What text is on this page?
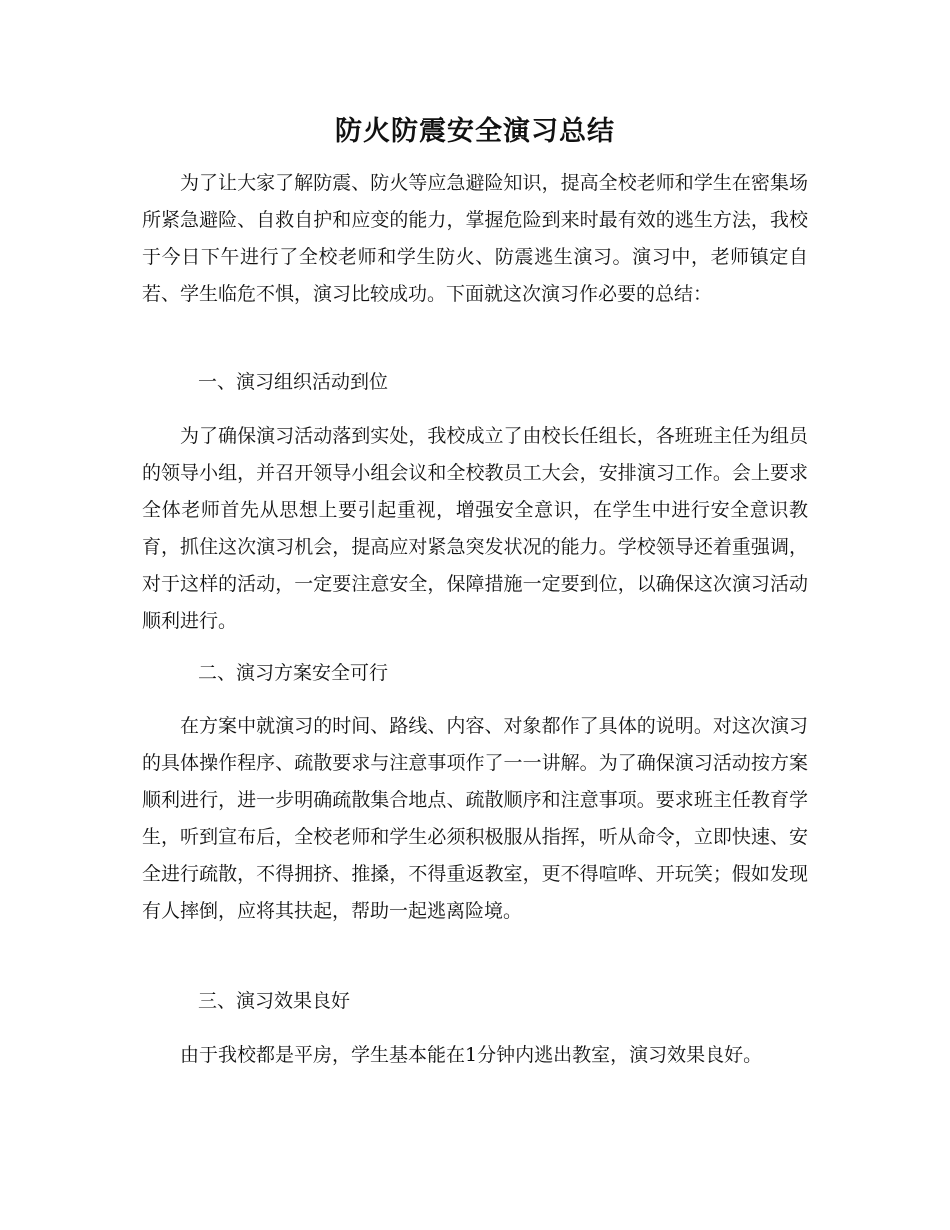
防火防震安全演习总结

为了让大家了解防震、防火等应急避险知识，提高全校老师和学生在密集场所紧急避险、自救自护和应变的能力，掌握危险到来时最有效的逃生方法，我校于今日下午进行了全校老师和学生防火、防震逃生演习。演习中，老师镇定自若、学生临危不惧，演习比较成功。下面就这次演习作必要的总结：

一、演习组织活动到位

为了确保演习活动落到实处，我校成立了由校长任组长，各班班主任为组员的领导小组，并召开领导小组会议和全校教员工大会，安排演习工作。会上要求全体老师首先从思想上要引起重视，增强安全意识，在学生中进行安全意识教育，抓住这次演习机会，提高应对紧急突发状况的能力。学校领导还着重强调，对于这样的活动，一定要注意安全，保障措施一定要到位，以确保这次演习活动顺利进行。

二、演习方案安全可行

在方案中就演习的时间、路线、内容、对象都作了具体的说明。对这次演习的具体操作程序、疏散要求与注意事项作了一一讲解。为了确保演习活动按方案顺利进行，进一步明确疏散集合地点、疏散顺序和注意事项。要求班主任教育学生，听到宣布后，全校老师和学生必须积极服从指挥，听从命令，立即快速、安全进行疏散，不得拥挤、推搡，不得重返教室，更不得喧哗、开玩笑；假如发现有人摔倒，应将其扶起，帮助一起逃离险境。

三、演习效果良好

由于我校都是平房，学生基本能在1分钟内逃出教室，演习效果良好。
